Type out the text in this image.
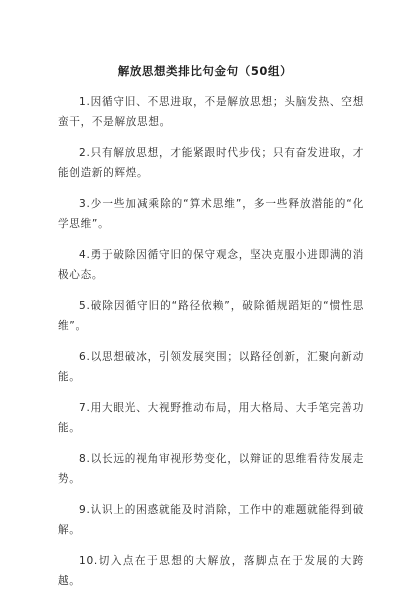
解放思想类排比句金句（50组）

1.因循守旧、不思进取，不是解放思想；头脑发热、空想蛮干，不是解放思想。

2.只有解放思想，才能紧跟时代步伐；只有奋发进取，才能创造新的辉煌。

3.少一些加减乘除的“算术思维”，多一些释放潜能的“化学思维”。

4.勇于破除因循守旧的保守观念，坚决克服小进即满的消极心态。

5.破除因循守旧的“路径依赖”，破除循规蹈矩的“惯性思维”。

6.以思想破冰，引领发展突围；以路径创新，汇聚向新动能。

7.用大眼光、大视野推动布局，用大格局、大手笔完善功能。

8.以长远的视角审视形势变化，以辩证的思维看待发展走势。

9.认识上的困惑就能及时消除，工作中的难题就能得到破解。

10.切入点在于思想的大解放，落脚点在于发展的大跨越。
